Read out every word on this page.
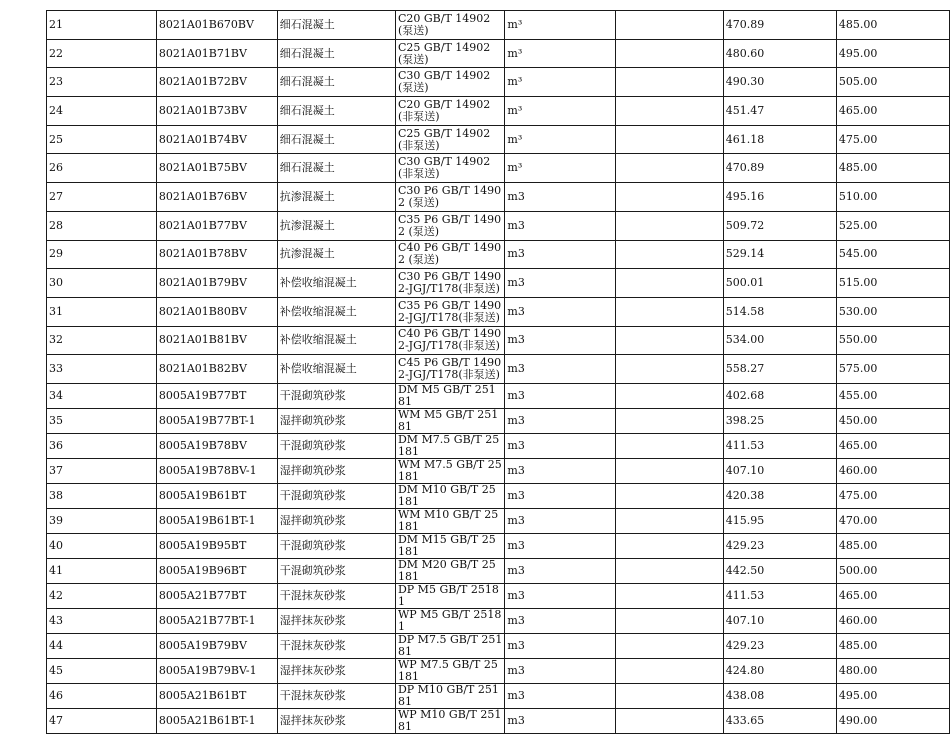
21	8021A01B670BV	细石混凝土	C20 GB/T 14902 (泵送)	m³		470.89	485.00
22	8021A01B71BV	细石混凝土	C25 GB/T 14902 (泵送)	m³		480.60	495.00
23	8021A01B72BV	细石混凝土	C30 GB/T 14902 (泵送)	m³		490.30	505.00
24	8021A01B73BV	细石混凝土	C20 GB/T 14902 (非泵送)	m³		451.47	465.00
25	8021A01B74BV	细石混凝土	C25 GB/T 14902 (非泵送)	m³		461.18	475.00
26	8021A01B75BV	细石混凝土	C30 GB/T 14902 (非泵送)	m³		470.89	485.00
27	8021A01B76BV	抗渗混凝土	C30 P6 GB/T 14902 (泵送)	m3		495.16	510.00
28	8021A01B77BV	抗渗混凝土	C35 P6 GB/T 14902 (泵送)	m3		509.72	525.00
29	8021A01B78BV	抗渗混凝土	C40 P6 GB/T 14902 (泵送)	m3		529.14	545.00
30	8021A01B79BV	补偿收缩混凝土	C30 P6 GB/T 14902-JGJ/T178(非泵送)	m3		500.01	515.00
31	8021A01B80BV	补偿收缩混凝土	C35 P6 GB/T 14902-JGJ/T178(非泵送)	m3		514.58	530.00
32	8021A01B81BV	补偿收缩混凝土	C40 P6 GB/T 14902-JGJ/T178(非泵送)	m3		534.00	550.00
33	8021A01B82BV	补偿收缩混凝土	C45 P6 GB/T 14902-JGJ/T178(非泵送)	m3		558.27	575.00
34	8005A19B77BT	干混砌筑砂浆	DM M5 GB/T 25181	m3		402.68	455.00
35	8005A19B77BT-1	湿拌砌筑砂浆	WM M5 GB/T 25181	m3		398.25	450.00
36	8005A19B78BV	干混砌筑砂浆	DM M7.5 GB/T 25181	m3		411.53	465.00
37	8005A19B78BV-1	湿拌砌筑砂浆	WM M7.5 GB/T 25181	m3		407.10	460.00
38	8005A19B61BT	干混砌筑砂浆	DM M10 GB/T 25181	m3		420.38	475.00
39	8005A19B61BT-1	湿拌砌筑砂浆	WM M10 GB/T 25181	m3		415.95	470.00
40	8005A19B95BT	干混砌筑砂浆	DM M15 GB/T 25181	m3		429.23	485.00
41	8005A19B96BT	干混砌筑砂浆	DM M20 GB/T 25181	m3		442.50	500.00
42	8005A21B77BT	干混抹灰砂浆	DP M5 GB/T 25181	m3		411.53	465.00
43	8005A21B77BT-1	湿拌抹灰砂浆	WP M5 GB/T 25181	m3		407.10	460.00
44	8005A19B79BV	干混抹灰砂浆	DP M7.5 GB/T 25181	m3		429.23	485.00
45	8005A19B79BV-1	湿拌抹灰砂浆	WP M7.5 GB/T 25181	m3		424.80	480.00
46	8005A21B61BT	干混抹灰砂浆	DP M10 GB/T 25181	m3		438.08	495.00
47	8005A21B61BT-1	湿拌抹灰砂浆	WP M10 GB/T 25181	m3		433.65	490.00
